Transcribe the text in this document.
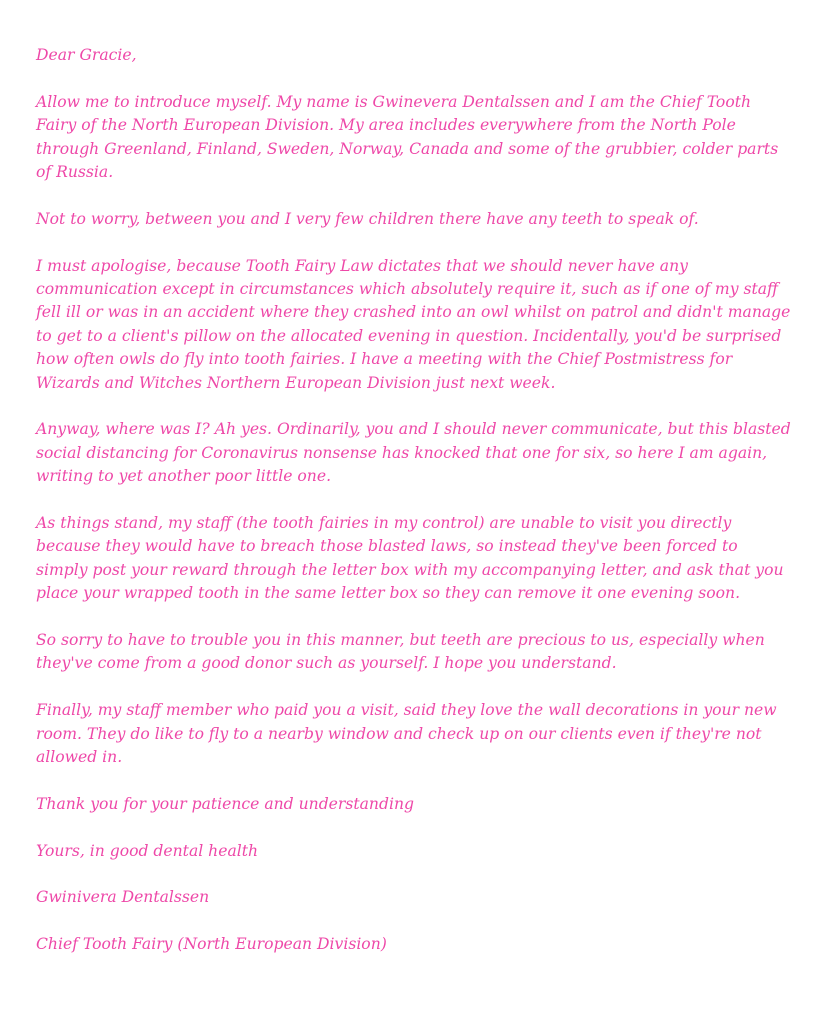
Dear Gracie,

Allow me to introduce myself. My name is Gwinevera Dentalssen and I am the Chief Tooth Fairy of the North European Division. My area includes everywhere from the North Pole through Greenland, Finland, Sweden, Norway, Canada and some of the grubbier, colder parts of Russia.

Not to worry, between you and I very few children there have any teeth to speak of.

I must apologise, because Tooth Fairy Law dictates that we should never have any communication except in circumstances which absolutely require it, such as if one of my staff fell ill or was in an accident where they crashed into an owl whilst on patrol and didn't manage to get to a client's pillow on the allocated evening in question. Incidentally, you'd be surprised how often owls do fly into tooth fairies. I have a meeting with the Chief Postmistress for Wizards and Witches Northern European Division just next week.

Anyway, where was I? Ah yes. Ordinarily, you and I should never communicate, but this blasted social distancing for Coronavirus nonsense has knocked that one for six, so here I am again, writing to yet another poor little one.

As things stand, my staff (the tooth fairies in my control) are unable to visit you directly because they would have to breach those blasted laws, so instead they've been forced to simply post your reward through the letter box with my accompanying letter, and ask that you place your wrapped tooth in the same letter box so they can remove it one evening soon.

So sorry to have to trouble you in this manner, but teeth are precious to us, especially when they've come from a good donor such as yourself. I hope you understand.

Finally, my staff member who paid you a visit, said they love the wall decorations in your new room. They do like to fly to a nearby window and check up on our clients even if they're not allowed in.

Thank you for your patience and understanding

Yours, in good dental health

Gwinivera Dentalssen

Chief Tooth Fairy (North European Division)
